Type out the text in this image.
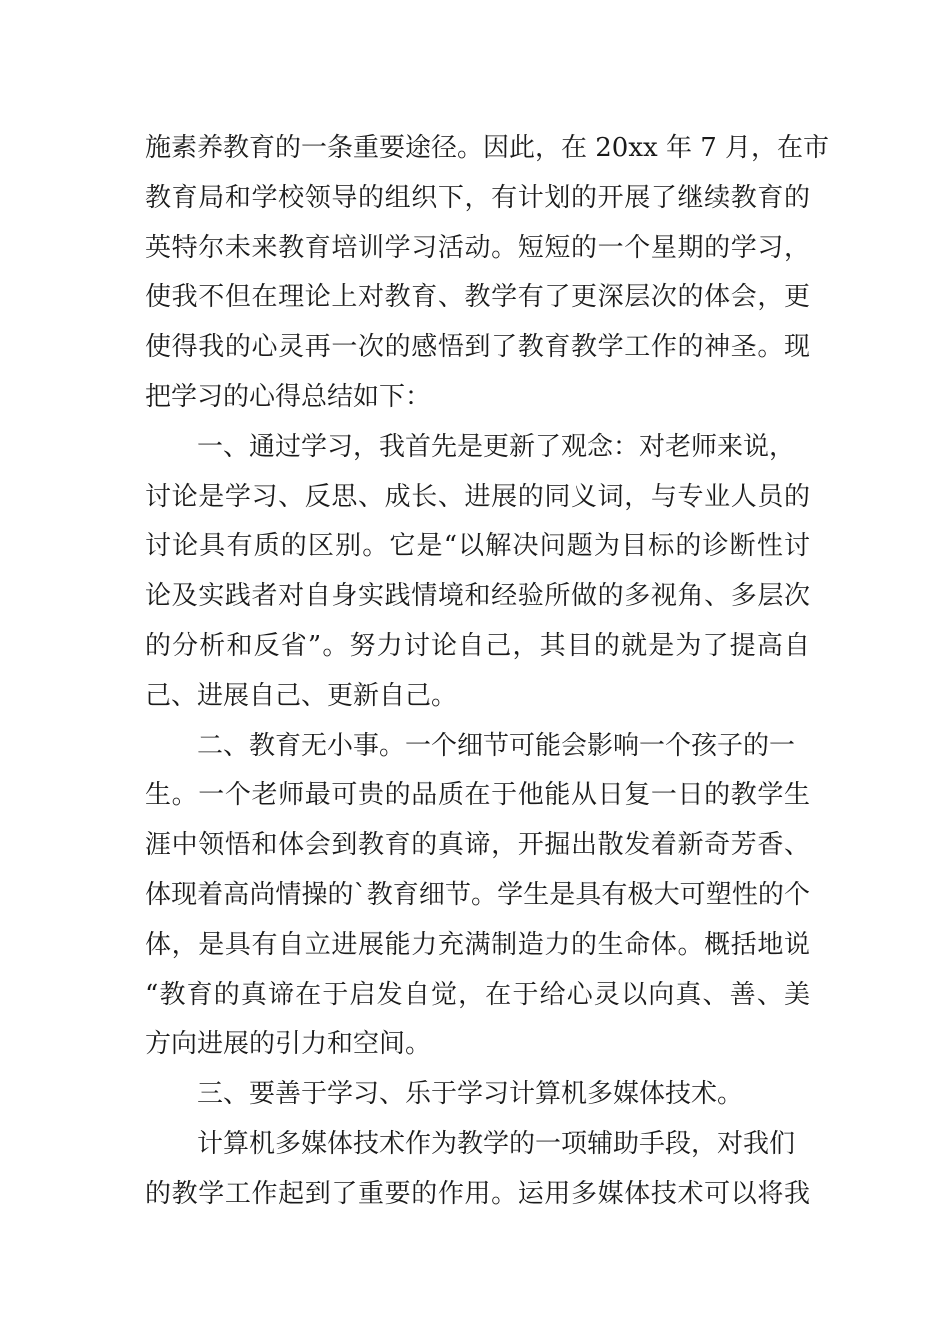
施素养教育的一条重要途径。因此，在 20xx 年 7 月，在市
教育局和学校领导的组织下，有计划的开展了继续教育的
英特尔未来教育培训学习活动。短短的一个星期的学习，
使我不但在理论上对教育、教学有了更深层次的体会，更
使得我的心灵再一次的感悟到了教育教学工作的神圣。现
把学习的心得总结如下：
一、通过学习，我首先是更新了观念：对老师来说，
讨论是学习、反思、成长、进展的同义词，与专业人员的
讨论具有质的区别。它是“以解决问题为目标的诊断性讨
论及实践者对自身实践情境和经验所做的多视角、多层次
的分析和反省”。努力讨论自己，其目的就是为了提高自
己、进展自己、更新自己。
二、教育无小事。一个细节可能会影响一个孩子的一
生。一个老师最可贵的品质在于他能从日复一日的教学生
涯中领悟和体会到教育的真谛，开掘出散发着新奇芳香、
体现着高尚情操的`教育细节。学生是具有极大可塑性的个
体，是具有自立进展能力充满制造力的生命体。概括地说
“教育的真谛在于启发自觉，在于给心灵以向真、善、美
方向进展的引力和空间。
三、要善于学习、乐于学习计算机多媒体技术。
计算机多媒体技术作为教学的一项辅助手段，对我们
的教学工作起到了重要的作用。运用多媒体技术可以将我
